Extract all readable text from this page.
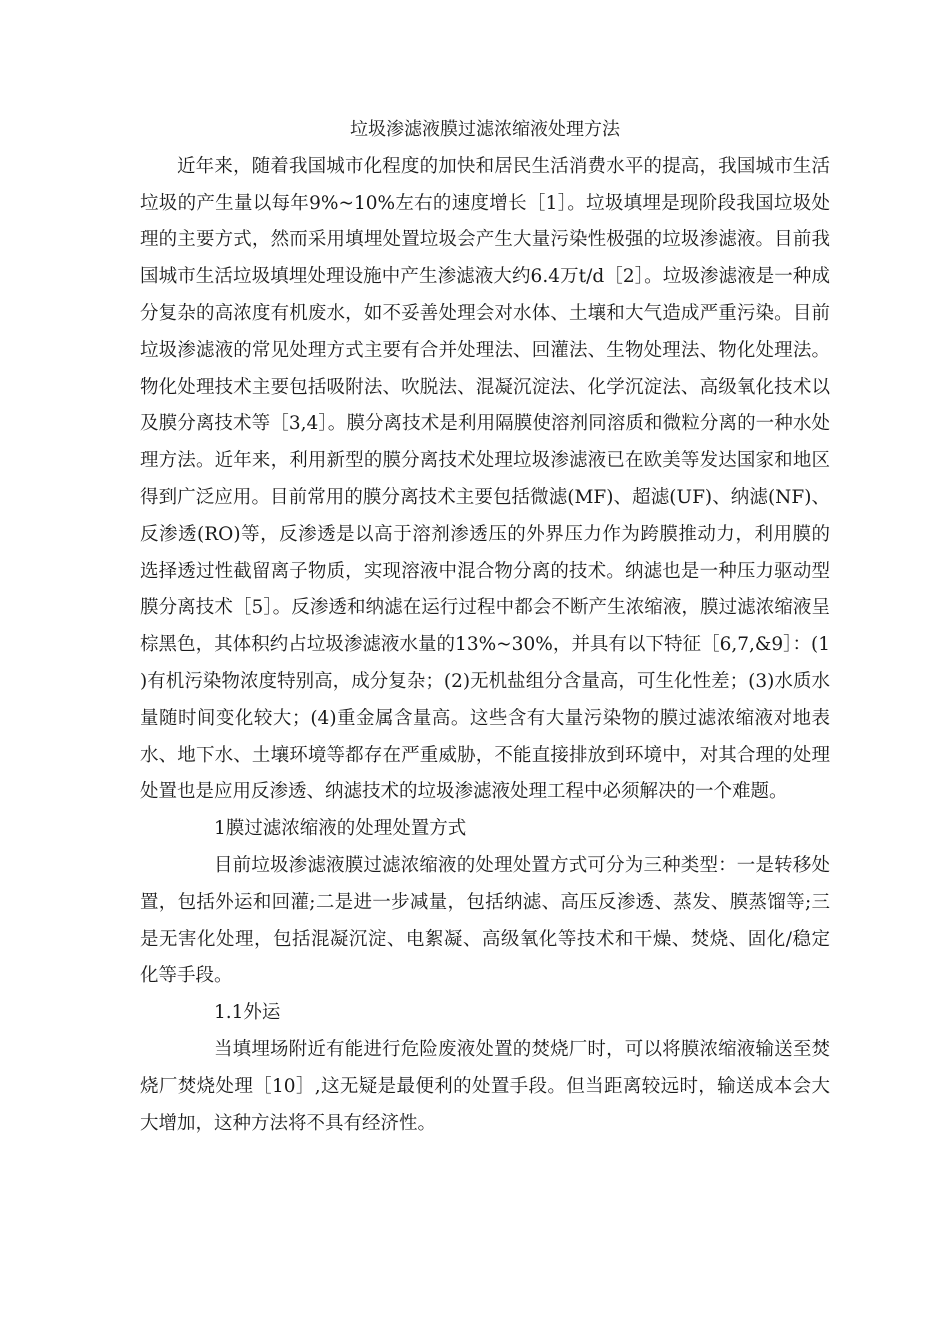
垃圾渗滤液膜过滤浓缩液处理方法

近年来，随着我国城市化程度的加快和居民生活消费水平的提高，我国城市生活垃圾的产生量以每年9%~10%左右的速度增长［1］。垃圾填埋是现阶段我国垃圾处理的主要方式，然而采用填埋处置垃圾会产生大量污染性极强的垃圾渗滤液。目前我国城市生活垃圾填埋处理设施中产生渗滤液大约6.4万t/d［2］。垃圾渗滤液是一种成分复杂的高浓度有机废水，如不妥善处理会对水体、土壤和大气造成严重污染。目前垃圾渗滤液的常见处理方式主要有合并处理法、回灌法、生物处理法、物化处理法。物化处理技术主要包括吸附法、吹脱法、混凝沉淀法、化学沉淀法、高级氧化技术以及膜分离技术等［3,4］。膜分离技术是利用隔膜使溶剂同溶质和微粒分离的一种水处理方法。近年来，利用新型的膜分离技术处理垃圾渗滤液已在欧美等发达国家和地区得到广泛应用。目前常用的膜分离技术主要包括微滤(MF)、超滤(UF)、纳滤(NF)、反渗透(RO)等，反渗透是以高于溶剂渗透压的外界压力作为跨膜推动力，利用膜的选择透过性截留离子物质，实现溶液中混合物分离的技术。纳滤也是一种压力驱动型膜分离技术［5］。反渗透和纳滤在运行过程中都会不断产生浓缩液，膜过滤浓缩液呈棕黑色，其体积约占垃圾渗滤液水量的13%~30%，并具有以下特征［6,7,&9］：(1)有机污染物浓度特别高，成分复杂；(2)无机盐组分含量高，可生化性差；(3)水质水量随时间变化较大；(4)重金属含量高。这些含有大量污染物的膜过滤浓缩液对地表水、地下水、土壤环境等都存在严重威胁，不能直接排放到环境中，对其合理的处理处置也是应用反渗透、纳滤技术的垃圾渗滤液处理工程中必须解决的一个难题。

1膜过滤浓缩液的处理处置方式

目前垃圾渗滤液膜过滤浓缩液的处理处置方式可分为三种类型：一是转移处置，包括外运和回灌;二是进一步减量，包括纳滤、高压反渗透、蒸发、膜蒸馏等;三是无害化处理，包括混凝沉淀、电絮凝、高级氧化等技术和干燥、焚烧、固化/稳定化等手段。

1.1外运

当填埋场附近有能进行危险废液处置的焚烧厂时，可以将膜浓缩液输送至焚烧厂焚烧处理［10］,这无疑是最便利的处置手段。但当距离较远时，输送成本会大大增加，这种方法将不具有经济性。
